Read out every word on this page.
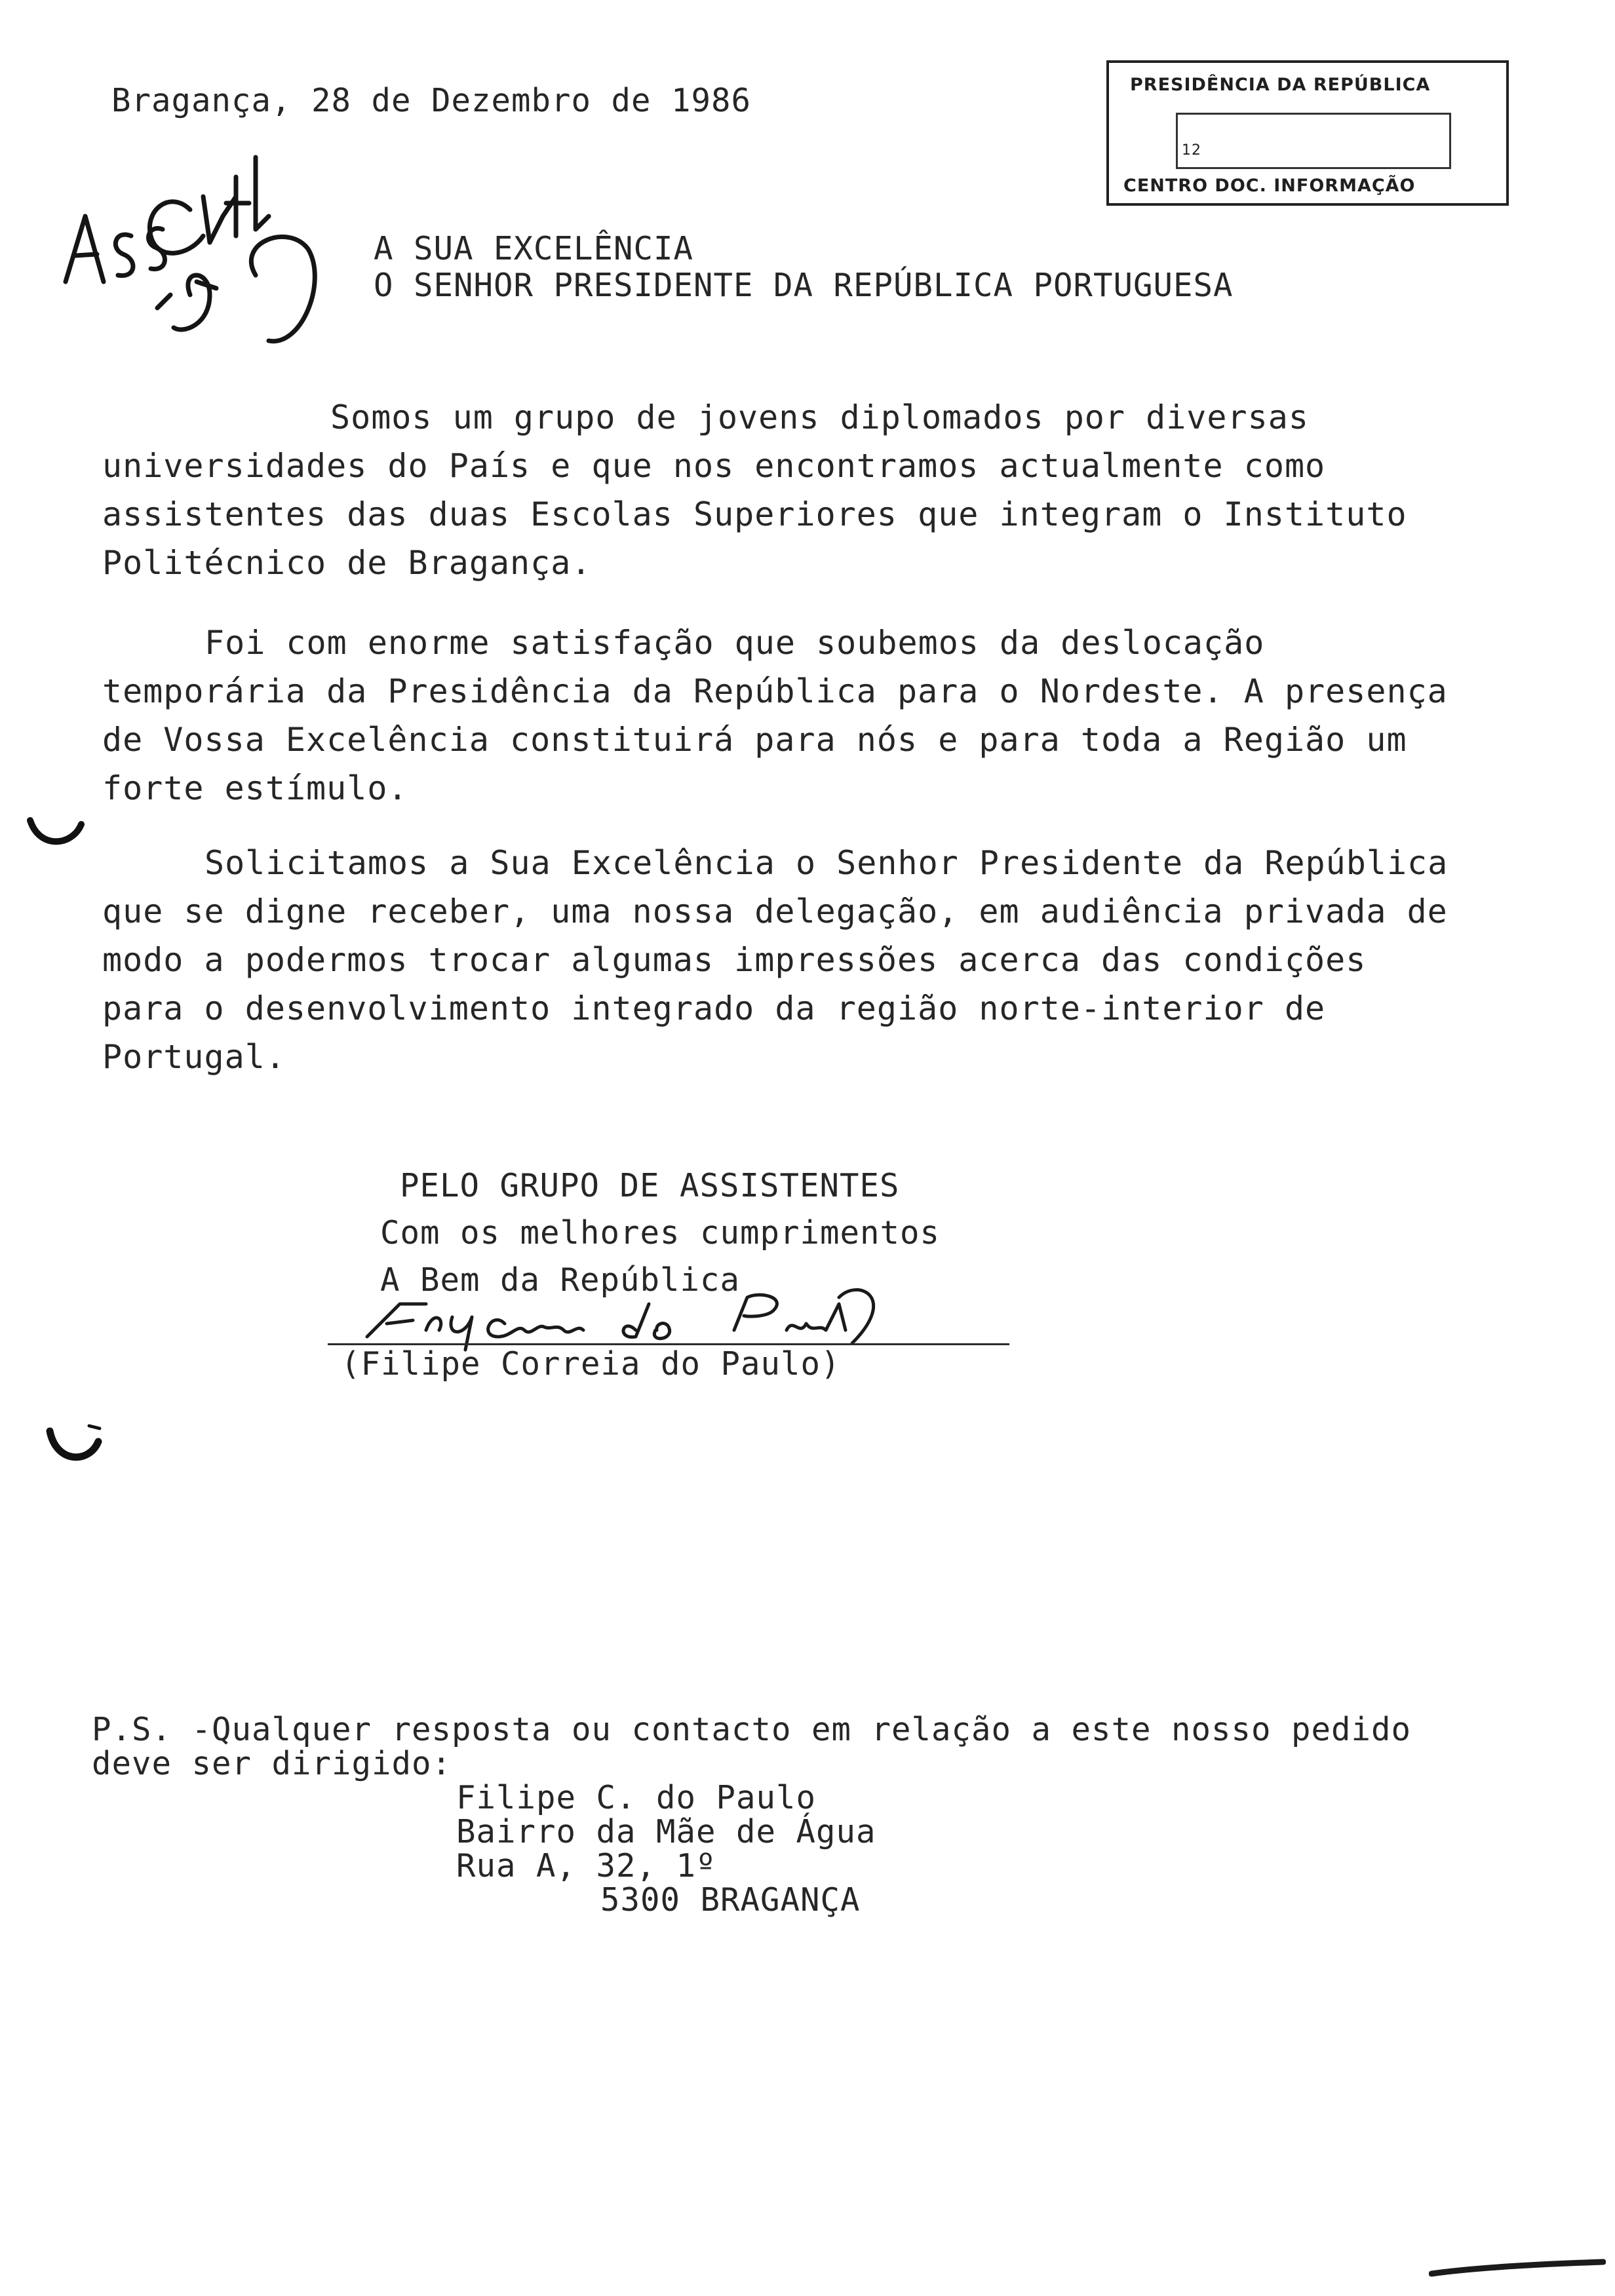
Bragança, 28 de Dezembro de 1986	PRESIDÊNCIA DA REPÚBLICA
12
CENTRO DOC. INFORMAÇÃO
Ass. Cultural
A SUA EXCELÊNCIA
O SENHOR PRESIDENTE DA REPÚBLICA PORTUGUESA
Somos um grupo de jovens diplomados por diversas universidades do País e que nos encontramos actualmente como assistentes das duas Escolas Superiores que integram o Instituto Politécnico de Bragança.
Foi com enorme satisfação que soubemos da deslocação temporária da Presidência da República para o Nordeste. A presença de Vossa Excelência constituirá para nós e para toda a Região um forte estímulo.
Solicitamos a Sua Excelência o Senhor Presidente da República que se digne receber, uma nossa delegação, em audiência privada de modo a podermos trocar algumas impressões acerca das condições para o desenvolvimento integrado da região norte-interior de Portugal.
PELO GRUPO DE ASSISTENTES
Com os melhores cumprimentos
A Bem da República
Filipe Correia do Paulo
(Filipe Correia do Paulo)
P.S. -Qualquer resposta ou contacto em relação a este nosso pedido
deve ser dirigido:
Filipe C. do Paulo
Bairro da Mãe de Água
Rua A, 32, 1º
5300 BRAGANÇA
